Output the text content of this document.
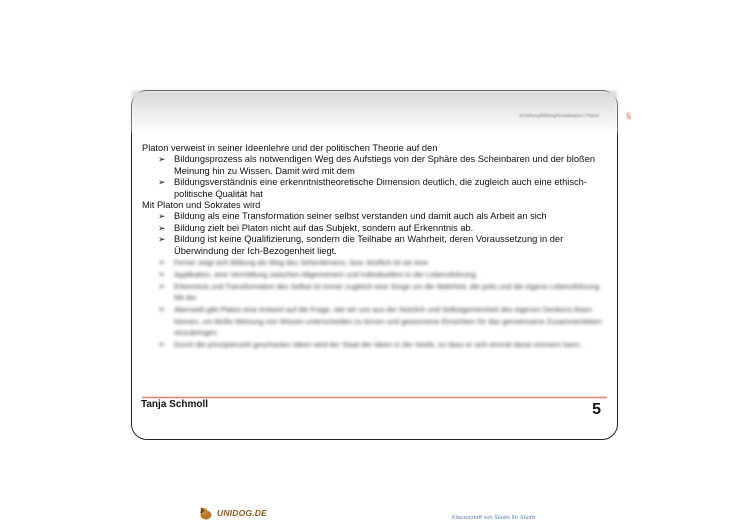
Erziehung/Bildung/Sozialisation | Platon	5

Platon verweist in seiner Ideenlehre und der politischen Theorie auf den

➢ Bildungsprozess als notwendigen Weg des Aufstiegs von der Sphäre des Scheinbaren und der bloßen Meinung hin zu Wissen. Damit wird mit dem

➢ Bildungsverständnis eine erkenntnistheoretische Dimension deutlich, die zugleich auch eine ethisch-politische Qualität hat

Mit Platon und Sokrates wird

➢ Bildung als eine Transformation seiner selbst verstanden und damit auch als Arbeit an sich

➢ Bildung zielt bei Platon nicht auf das Subjekt, sondern auf Erkenntnis ab.

➢ Bildung ist keine Qualifizierung, sondern die Teilhabe an Wahrheit, deren Voraussetzung in der Überwindung der Ich-Bezogenheit liegt.

➢ Ferner zeigt sich Bildung als Weg des Sehenlernens, bzw. letztlich ist sie eine

➢ Applikation, eine Vermittlung zwischen Allgemeinem und Individuellem in der Lebensführung.

➢ Erkenntnis und Transformation des Selbst ist immer zugleich eine Sorge um die Wahrheit, die polis und die eigene Lebensführung. Mit der

➢ Abenwelt gibt Platon eine Antwort auf die Frage, wie wir uns aus der Nützlich und Selbstgemeinheit des eigenen Denkens lösen können, um bloße Meinung von Wissen unterscheiden zu lernen und gewonnene Einsichten für das gemeinsame Zusammenleben einzubringen.

➢ Durch die prinzipienzeit geschauten Ideen wird der Staat der Ideen in der Seele, so dass er sich einmal daran erinnern kann.

Tanja Schmoll	5
UNIDOG.DE	Klausurstoff von Studis für Studis
